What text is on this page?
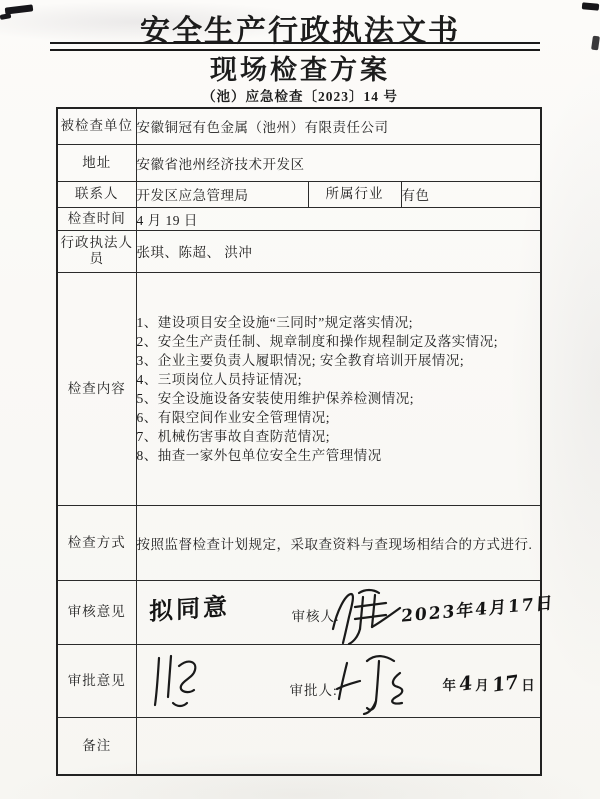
安全生产行政执法文书
现场检查方案
（池）应急检查〔2023〕14 号
被检查单位	安徽铜冠有色金属（池州）有限责任公司		
地址	安徽省池州经济技术开发区		
联系人	开发区应急管理局	所属行业	有色
检查时间	4 月 19 日		
行政执法人员	张琪、陈超、 洪冲		
检查内容	
1、建设项目安全设施“三同时”规定落实情况;
2、安全生产责任制、规章制度和操作规程制定及落实情况;
3、企业主要负责人履职情况; 安全教育培训开展情况;
4、三项岗位人员持证情况;
5、安全设施设备安装使用维护保养检测情况;
6、有限空间作业安全管理情况;
7、机械伤害事故自查防范情况;
8、抽查一家外包单位安全生产管理情况

检查方式	按照监督检查计划规定，采取查资料与查现场相结合的方式进行.		
审核意见	拟同意 审核人: 2023年4月17日		

审批意见	
审批人:	年 4 月 17 日

备注			
